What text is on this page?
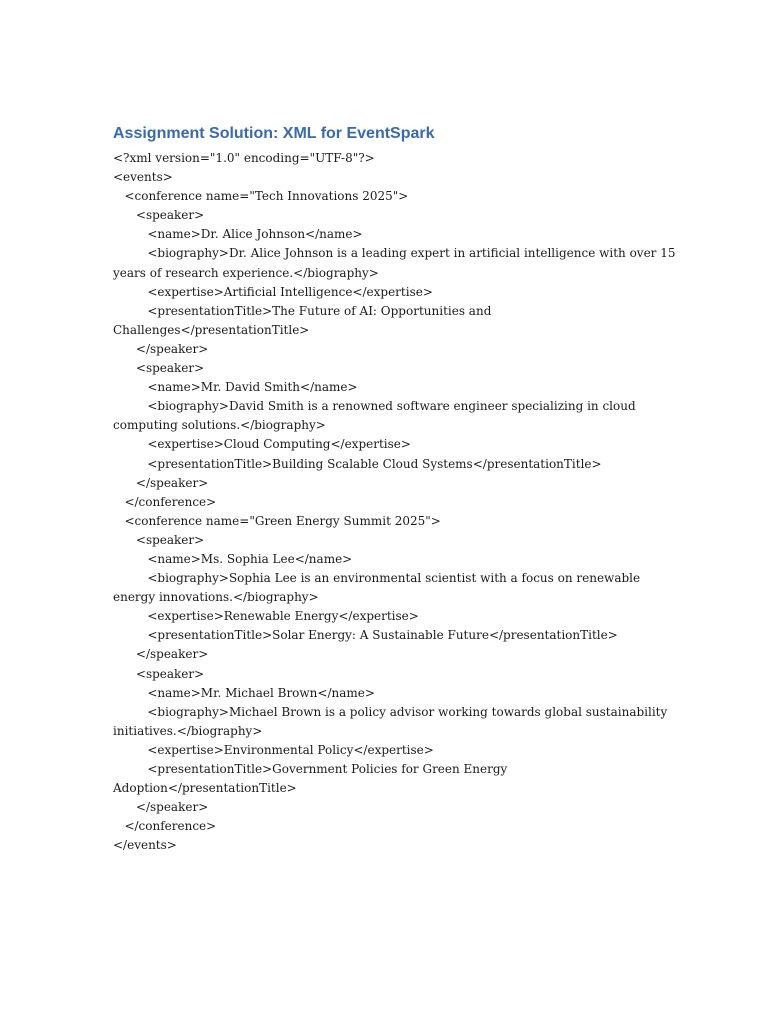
Assignment Solution: XML for EventSpark
<?xml version="1.0" encoding="UTF-8"?>
<events>
<conference name="Tech Innovations 2025">
<speaker>
<name>Dr. Alice Johnson</name>
<biography>Dr. Alice Johnson is a leading expert in artificial intelligence with over 15
years of research experience.</biography>
<expertise>Artificial Intelligence</expertise>
<presentationTitle>The Future of AI: Opportunities and
Challenges</presentationTitle>
</speaker>
<speaker>
<name>Mr. David Smith</name>
<biography>David Smith is a renowned software engineer specializing in cloud
computing solutions.</biography>
<expertise>Cloud Computing</expertise>
<presentationTitle>Building Scalable Cloud Systems</presentationTitle>
</speaker>
</conference>
<conference name="Green Energy Summit 2025">
<speaker>
<name>Ms. Sophia Lee</name>
<biography>Sophia Lee is an environmental scientist with a focus on renewable
energy innovations.</biography>
<expertise>Renewable Energy</expertise>
<presentationTitle>Solar Energy: A Sustainable Future</presentationTitle>
</speaker>
<speaker>
<name>Mr. Michael Brown</name>
<biography>Michael Brown is a policy advisor working towards global sustainability
initiatives.</biography>
<expertise>Environmental Policy</expertise>
<presentationTitle>Government Policies for Green Energy
Adoption</presentationTitle>
</speaker>
</conference>
</events>
